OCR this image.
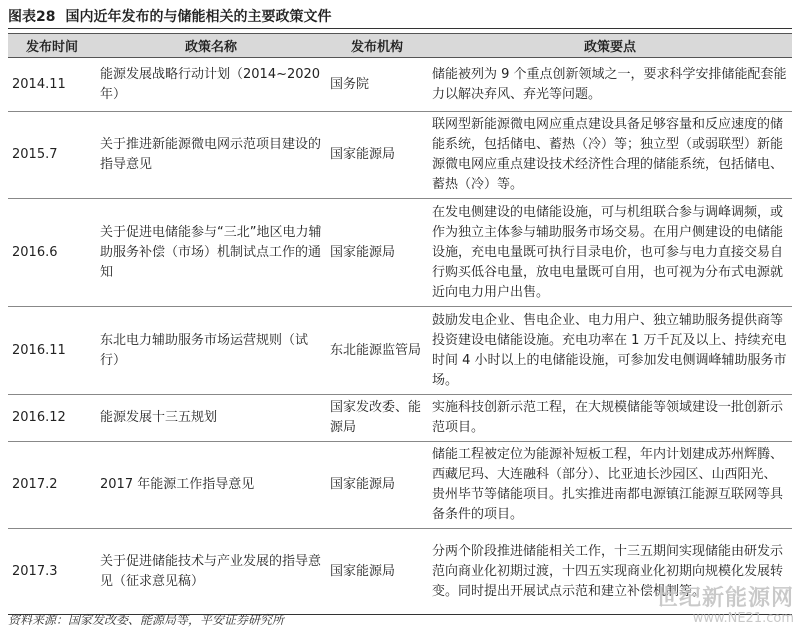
图表28 国内近年发布的与储能相关的主要政策文件
发布时间	政策名称	发布机构	政策要点
2014.11	能源发展战略行动计划（2014~2020年）	国务院	储能被列为 9 个重点创新领域之一，要求科学安排储能配套能力以解决弃风、弃光等问题。
2015.7	关于推进新能源微电网示范项目建设的指导意见	国家能源局	联网型新能源微电网应重点建设具备足够容量和反应速度的储能系统，包括储电、蓄热（冷）等；独立型（或弱联型）新能源微电网应重点建设技术经济性合理的储能系统，包括储电、蓄热（冷）等。
2016.6	关于促进电储能参与“三北”地区电力辅助服务补偿（市场）机制试点工作的通知	国家能源局	在发电侧建设的电储能设施，可与机组联合参与调峰调频，或作为独立主体参与辅助服务市场交易。在用户侧建设的电储能设施，充电电量既可执行目录电价，也可参与电力直接交易自行购买低谷电量，放电电量既可自用，也可视为分布式电源就近向电力用户出售。
2016.11	东北电力辅助服务市场运营规则（试行）	东北能源监管局	鼓励发电企业、售电企业、电力用户、独立辅助服务提供商等投资建设电储能设施。充电功率在 1 万千瓦及以上、持续充电时间 4 小时以上的电储能设施，可参加发电侧调峰辅助服务市场。
2016.12	能源发展十三五规划	国家发改委、能源局	实施科技创新示范工程，在大规模储能等领域建设一批创新示范项目。
2017.2	2017 年能源工作指导意见	国家能源局	储能工程被定位为能源补短板工程，年内计划建成苏州辉腾、西藏尼玛、大连融科（部分）、比亚迪长沙园区、山西阳光、贵州毕节等储能项目。扎实推进南都电源镇江能源互联网等具备条件的项目。
2017.3	关于促进储能技术与产业发展的指导意见（征求意见稿）	国家能源局	分两个阶段推进储能相关工作，十三五期间实现储能由研发示范向商业化初期过渡，十四五实现商业化初期向规模化发展转变。同时提出开展试点示范和建立补偿机制等。
资料来源：国家发改委、能源局等，平安证券研究所
世纪新能源网
www.NE21.com
